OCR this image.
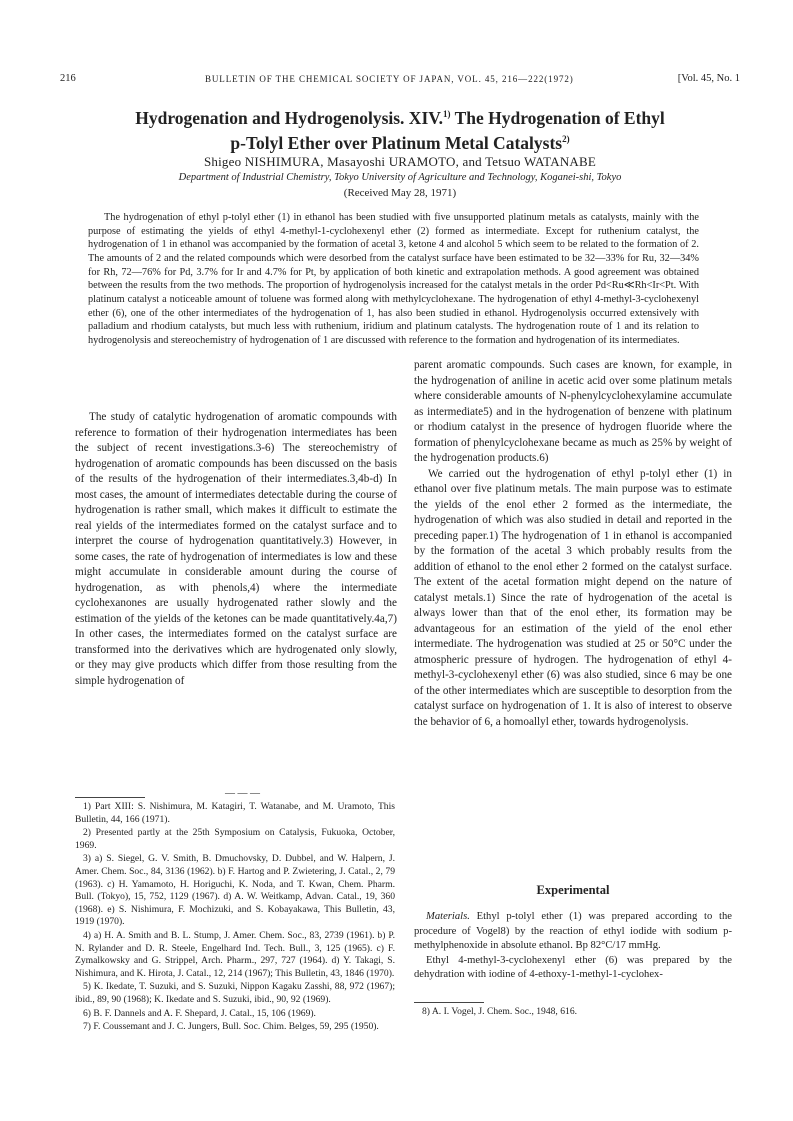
216	BULLETIN OF THE CHEMICAL SOCIETY OF JAPAN, VOL. 45, 216—222(1972)	[Vol. 45, No. 1
Hydrogenation and Hydrogenolysis. XIV.$^{1)}$ The Hydrogenation of Ethyl
p-Tolyl Ether over Platinum Metal Catalysts$^{2)}$
Shigeo NISHIMURA, Masayoshi URAMOTO, and Tetsuo WATANABE
Department of Industrial Chemistry, Tokyo University of Agriculture and Technology, Koganei-shi, Tokyo
(Received May 28, 1971)
The hydrogenation of ethyl p-tolyl ether (1) in ethanol has been studied with five unsupported platinum metals as catalysts, mainly with the purpose of estimating the yields of ethyl 4-methyl-1-cyclohexenyl ether (2) formed as intermediate. Except for ruthenium catalyst, the hydrogenation of 1 in ethanol was accompanied by the formation of acetal 3, ketone 4 and alcohol 5 which seem to be related to the formation of 2. The amounts of 2 and the related compounds which were desorbed from the catalyst surface have been estimated to be 32—33% for Ru, 32—34% for Rh, 72—76% for Pd, 3.7% for Ir and 4.7% for Pt, by application of both kinetic and extrapolation methods. A good agreement was obtained between the results from the two methods. The proportion of hydrogenolysis increased for the catalyst metals in the order Pd<Ru≪Rh<Ir<Pt. With platinum catalyst a noticeable amount of toluene was formed along with methylcyclohexane. The hydrogenation of ethyl 4-methyl-3-cyclohexenyl ether (6), one of the other intermediates of the hydrogenation of 1, has also been studied in ethanol. Hydrogenolysis occurred extensively with palladium and rhodium catalysts, but much less with ruthenium, iridium and platinum catalysts. The hydrogenation route of 1 and its relation to hydrogenolysis and stereochemistry of hydrogenation of 1 are discussed with reference to the formation and hydrogenation of its intermediates.

The study of catalytic hydrogenation of aromatic compounds with reference to formation of their hydrogenation intermediates has been the subject of recent investigations.3-6) The stereochemistry of hydrogenation of aromatic compounds has been discussed on the basis of the results of the hydrogenation of their intermediates.3,4b-d) In most cases, the amount of intermediates detectable during the course of hydrogenation is rather small, which makes it difficult to estimate the real yields of the intermediates formed on the catalyst surface and to interpret the course of hydrogenation quantitatively.3) However, in some cases, the rate of hydrogenation of intermediates is low and these might accumulate in considerable amount during the course of hydrogenation, as with phenols,4) where the intermediate cyclohexanones are usually hydrogenated rather slowly and the estimation of the yields of the ketones can be made quantitatively.4a,7) In other cases, the intermediates formed on the catalyst surface are transformed into the derivatives which are hydrogenated only slowly, or they may give products which differ from those resulting from the simple hydrogenation of

— — —

1) Part XIII: S. Nishimura, M. Katagiri, T. Watanabe, and M. Uramoto, This Bulletin, 44, 166 (1971).

2) Presented partly at the 25th Symposium on Catalysis, Fukuoka, October, 1969.

3) a) S. Siegel, G. V. Smith, B. Dmuchovsky, D. Dubbel, and W. Halpern, J. Amer. Chem. Soc., 84, 3136 (1962). b) F. Hartog and P. Zwietering, J. Catal., 2, 79 (1963). c) H. Yamamoto, H. Horiguchi, K. Noda, and T. Kwan, Chem. Pharm. Bull. (Tokyo), 15, 752, 1129 (1967). d) A. W. Weitkamp, Advan. Catal., 19, 360 (1968). e) S. Nishimura, F. Mochizuki, and S. Kobayakawa, This Bulletin, 43, 1919 (1970).

4) a) H. A. Smith and B. L. Stump, J. Amer. Chem. Soc., 83, 2739 (1961). b) P. N. Rylander and D. R. Steele, Engelhard Ind. Tech. Bull., 3, 125 (1965). c) F. Zymalkowsky and G. Strippel, Arch. Pharm., 297, 727 (1964). d) Y. Takagi, S. Nishimura, and K. Hirota, J. Catal., 12, 214 (1967); This Bulletin, 43, 1846 (1970).

5) K. Ikedate, T. Suzuki, and S. Suzuki, Nippon Kagaku Zasshi, 88, 972 (1967); ibid., 89, 90 (1968); K. Ikedate and S. Suzuki, ibid., 90, 92 (1969).

6) B. F. Dannels and A. F. Shepard, J. Catal., 15, 106 (1969).

7) F. Coussemant and J. C. Jungers, Bull. Soc. Chim. Belges, 59, 295 (1950).

parent aromatic compounds. Such cases are known, for example, in the hydrogenation of aniline in acetic acid over some platinum metals where considerable amounts of N-phenylcyclohexylamine accumulate as intermediate5) and in the hydrogenation of benzene with platinum or rhodium catalyst in the presence of hydrogen fluoride where the formation of phenylcyclohexane became as much as 25% by weight of the hydrogenation products.6)

We carried out the hydrogenation of ethyl p-tolyl ether (1) in ethanol over five platinum metals. The main purpose was to estimate the yields of the enol ether 2 formed as the intermediate, the hydrogenation of which was also studied in detail and reported in the preceding paper.1) The hydrogenation of 1 in ethanol is accompanied by the formation of the acetal 3 which probably results from the addition of ethanol to the enol ether 2 formed on the catalyst surface. The extent of the acetal formation might depend on the nature of catalyst metals.1) Since the rate of hydrogenation of the acetal is always lower than that of the enol ether, its formation may be advantageous for an estimation of the yield of the enol ether intermediate. The hydrogenation was studied at 25 or 50°C under the atmospheric pressure of hydrogen. The hydrogenation of ethyl 4-methyl-3-cyclohexenyl ether (6) was also studied, since 6 may be one of the other intermediates which are susceptible to desorption from the catalyst surface on hydrogenation of 1. It is also of interest to observe the behavior of 6, a homoallyl ether, towards hydrogenolysis.

Experimental

Materials. Ethyl p-tolyl ether (1) was prepared according to the procedure of Vogel8) by the reaction of ethyl iodide with sodium p-methylphenoxide in absolute ethanol. Bp 82°C/17 mmHg.

Ethyl 4-methyl-3-cyclohexenyl ether (6) was prepared by the dehydration with iodine of 4-ethoxy-1-methyl-1-cyclohex-

8) A. I. Vogel, J. Chem. Soc., 1948, 616.
